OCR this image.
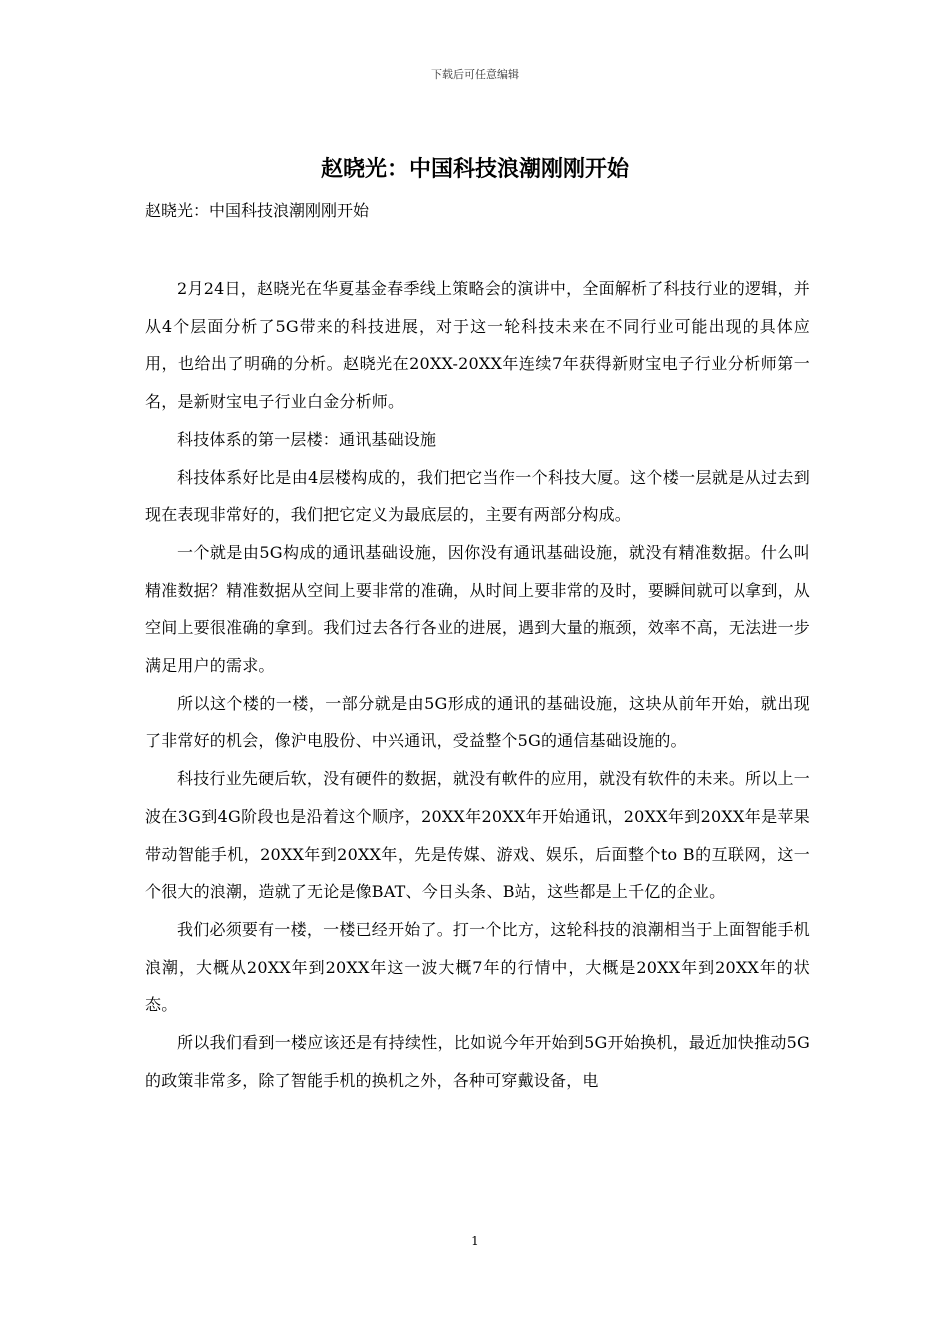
下载后可任意编辑
赵晓光：中国科技浪潮刚刚开始

赵晓光：中国科技浪潮刚刚开始

2月24日，赵晓光在华夏基金春季线上策略会的演讲中，全面解析了科技行业的逻辑，并从4个层面分析了5G带来的科技进展，对于这一轮科技未来在不同行业可能出现的具体应用，也给出了明确的分析。赵晓光在20XX-20XX年连续7年获得新财宝电子行业分析师第一名，是新财宝电子行业白金分析师。

科技体系的第一层楼：通讯基础设施

科技体系好比是由4层楼构成的，我们把它当作一个科技大厦。这个楼一层就是从过去到现在表现非常好的，我们把它定义为最底层的，主要有两部分构成。

一个就是由5G构成的通讯基础设施，因你没有通讯基础设施，就没有精准数据。什么叫精准数据？精准数据从空间上要非常的准确，从时间上要非常的及时，要瞬间就可以拿到，从空间上要很准确的拿到。我们过去各行各业的进展，遇到大量的瓶颈，效率不高，无法进一步满足用户的需求。

所以这个楼的一楼，一部分就是由5G形成的通讯的基础设施，这块从前年开始，就出现了非常好的机会，像沪电股份、中兴通讯，受益整个5G的通信基础设施的。

科技行业先硬后软，没有硬件的数据，就没有軟件的应用，就没有软件的未来。所以上一波在3G到4G阶段也是沿着这个顺序，20XX年20XX年开始通讯，20XX年到20XX年是苹果带动智能手机，20XX年到20XX年，先是传媒、游戏、娱乐，后面整个to B的互联网，这一个很大的浪潮，造就了无论是像BAT、今日头条、B站，这些都是上千亿的企业。

我们必须要有一楼，一楼已经开始了。打一个比方，这轮科技的浪潮相当于上面智能手机浪潮，大概从20XX年到20XX年这一波大概7年的行情中，大概是20XX年到20XX年的状态。

所以我们看到一楼应该还是有持续性，比如说今年开始到5G开始换机，最近加快推动5G的政策非常多，除了智能手机的换机之外，各种可穿戴设备，电

1
